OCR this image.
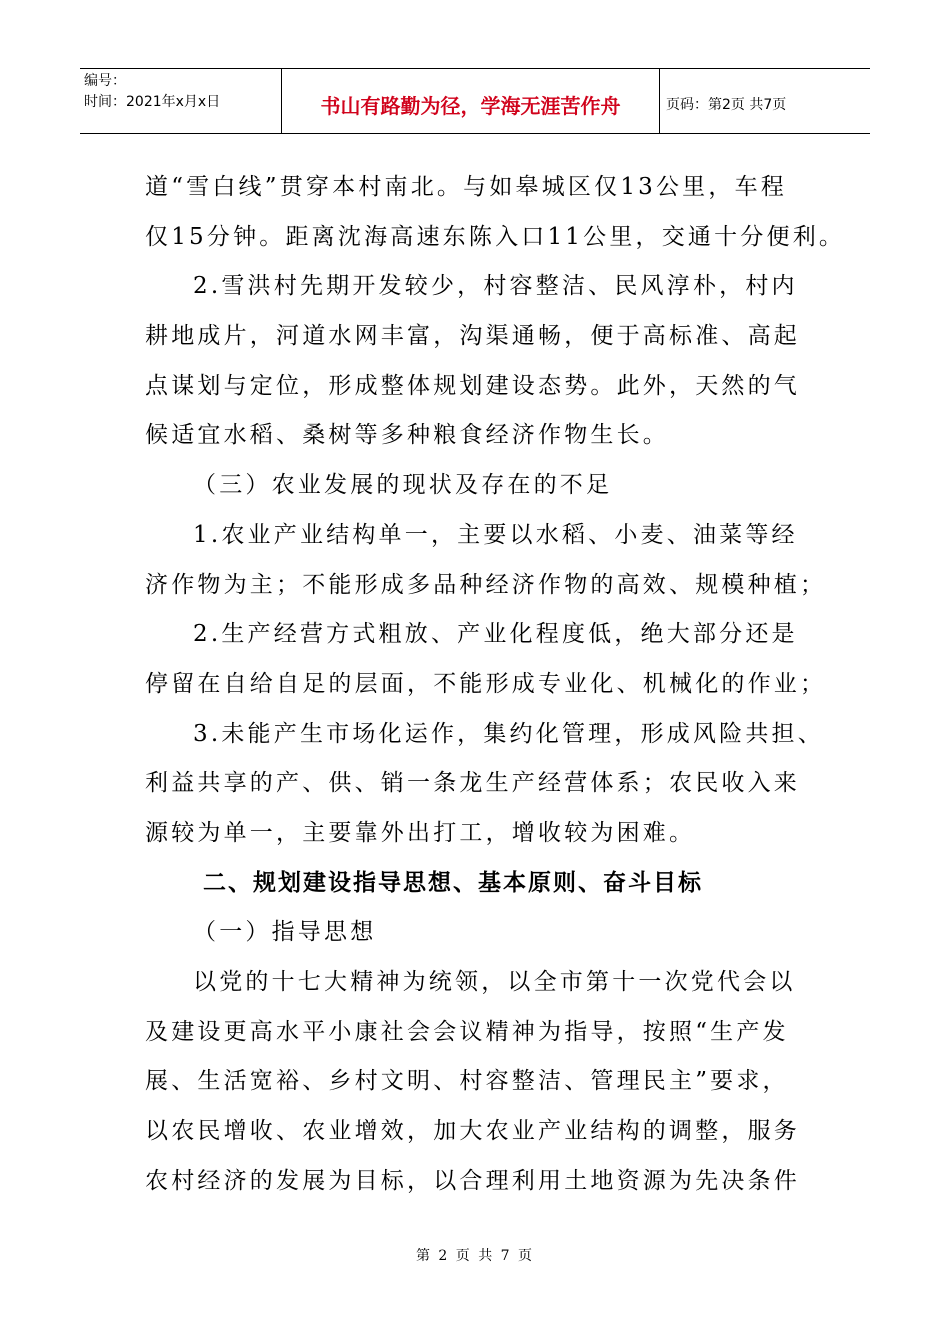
编号：
时间：2021年x月x日	书山有路勤为径，学海无涯苦作舟	页码：第2页 共7页
道“雪白线”贯穿本村南北。与如皋城区仅13公里，车程
仅15分钟。距离沈海高速东陈入口11公里，交通十分便利。
2.雪洪村先期开发较少，村容整洁、民风淳朴，村内
耕地成片，河道水网丰富，沟渠通畅，便于高标准、高起
点谋划与定位，形成整体规划建设态势。此外，天然的气
候适宜水稻、桑树等多种粮食经济作物生长。
（三）农业发展的现状及存在的不足
1.农业产业结构单一，主要以水稻、小麦、油菜等经
济作物为主；不能形成多品种经济作物的高效、规模种植；
2.生产经营方式粗放、产业化程度低，绝大部分还是
停留在自给自足的层面，不能形成专业化、机械化的作业；
3.未能产生市场化运作，集约化管理，形成风险共担、
利益共享的产、供、销一条龙生产经营体系；农民收入来
源较为单一，主要靠外出打工，增收较为困难。
二、规划建设指导思想、基本原则、奋斗目标
（一）指导思想
以党的十七大精神为统领，以全市第十一次党代会以
及建设更高水平小康社会会议精神为指导，按照“生产发
展、生活宽裕、乡村文明、村容整洁、管理民主”要求，
以农民增收、农业增效，加大农业产业结构的调整，服务
农村经济的发展为目标，以合理利用土地资源为先决条件
第 2 页 共 7 页
